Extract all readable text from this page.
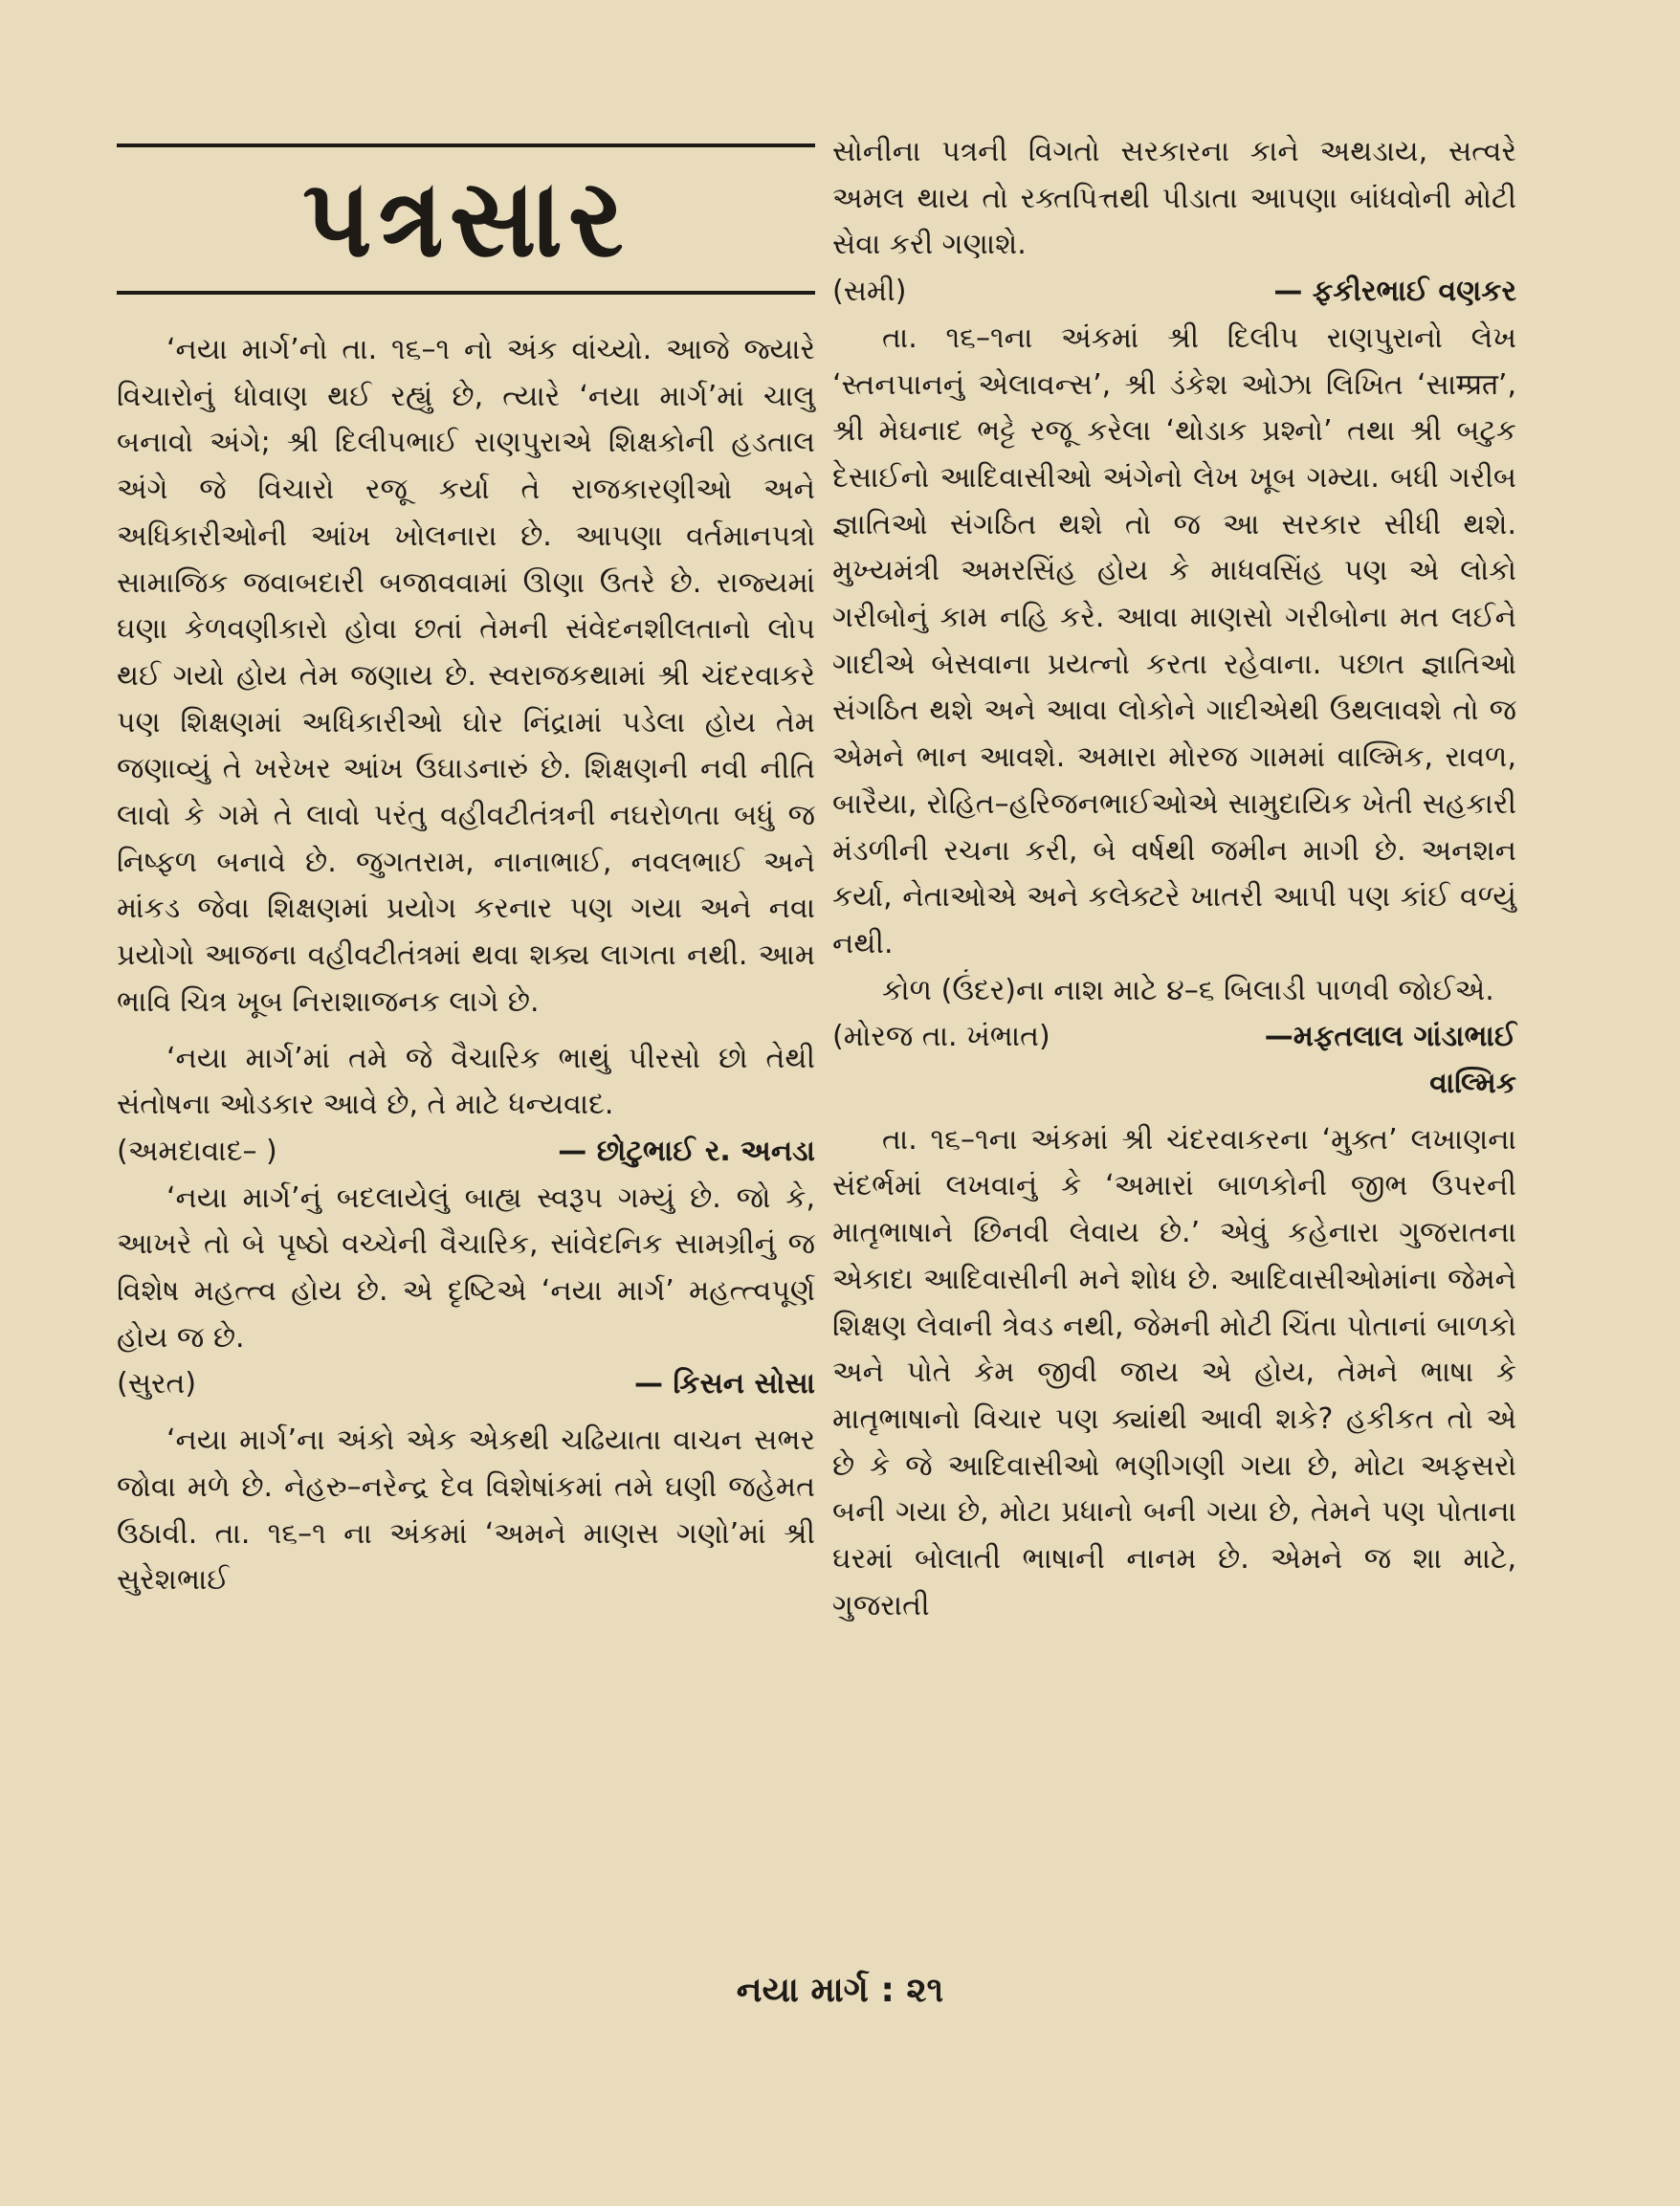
પત્રસાર

‘નયા માર્ગ’નો તા. ૧૬–૧ નો અંક વાંચ્યો. આજે જ્યારે વિચારોનું ધોવાણ થઈ રહ્યું છે, ત્યારે ‘નયા માર્ગ’માં ચાલુ બનાવો અંગે; શ્રી દિલીપભાઈ રાણપુરાએ શિક્ષકોની હડતાલ અંગે જે વિચારો રજૂ કર્યા તે રાજકારણીઓ અને અધિકારીઓની આંખ ખોલનારા છે. આપણા વર્તમાનપત્રો સામાજિક જવાબદારી બજાવવામાં ઊણા ઉતરે છે. રાજ્યમાં ઘણા કેળવણીકારો હોવા છતાં તેમની સંવેદનશીલતાનો લોપ થઈ ગયો હોય તેમ જણાય છે. સ્વરાજકથામાં શ્રી ચંદરવાકરે પણ શિક્ષણમાં અધિકારીઓ ઘોર નિંદ્રામાં પડેલા હોય તેમ જણાવ્યું તે ખરેખર આંખ ઉઘાડનારું છે. શિક્ષણની નવી નીતિ લાવો કે ગમે તે લાવો પરંતુ વહીવટીતંત્રની નઘરોળતા બધું જ નિષ્ફળ બનાવે છે. જુગતરામ, નાનાભાઈ, નવલભાઈ અને માંકડ જેવા શિક્ષણમાં પ્રયોગ કરનાર પણ ગયા અને નવા પ્રયોગો આજના વહીવટીતંત્રમાં થવા શક્ય લાગતા નથી. આમ ભાવિ ચિત્ર ખૂબ નિરાશાજનક લાગે છે.

‘નયા માર્ગ’માં તમે જે વૈચારિક ભાથું પીરસો છો તેથી સંતોષના ઓડકાર આવે છે, તે માટે ધન્યવાદ.

(અમદાવાદ– )	— છોટુભાઈ ર. અનડા

‘નયા માર્ગ’નું બદલાયેલું બાહ્ય સ્વરૂપ ગમ્યું છે. જો કે, આખરે તો બે પૃષ્ઠો વચ્ચેની વૈચારિક, સાંવેદનિક સામગ્રીનું જ વિશેષ મહત્ત્વ હોય છે. એ દૃષ્ટિએ ‘નયા માર્ગ’ મહત્ત્વપૂર્ણ હોય જ છે.

(સુરત)	— કિસન સોસા

‘નયા માર્ગ’ના અંકો એક એકથી ચઢિયાતા વાચન સભર જોવા મળે છે. નેહરુ–નરેન્દ્ર દેવ વિશેષાંકમાં તમે ઘણી જહેમત ઉઠાવી. તા. ૧૬–૧ ના અંકમાં ‘અમને માણસ ગણો’માં શ્રી સુરેશભાઈ

સોનીના પત્રની વિગતો સરકારના કાને અથડાય, સત્વરે અમલ થાય તો રક્તપિત્તથી પીડાતા આપણા બાંધવોની મોટી સેવા કરી ગણાશે.

(સમી)	— ફકીરભાઈ વણકર

તા. ૧૬–૧ના અંકમાં શ્રી દિલીપ રાણપુરાનો લેખ ‘સ્તનપાનનું એલાવન્સ’, શ્રી ડંકેશ ઓઝા લિખિત ‘સાम्प्रत’, શ્રી મેઘનાદ ભટ્ટે રજૂ કરેલા ‘થોડાક પ્રશ્નો’ તથા શ્રી બટુક દેસાઈનો આદિવાસીઓ અંગેનો લેખ ખૂબ ગમ્યા. બધી ગરીબ જ્ઞાતિઓ સંગઠિત થશે તો જ આ સરકાર સીધી થશે. મુખ્યમંત્રી અમરસિંહ હોય કે માધવસિંહ પણ એ લોકો ગરીબોનું કામ નહિ કરે. આવા માણસો ગરીબોના મત લઈને ગાદીએ બેસવાના પ્રયત્નો કરતા રહેવાના. પછાત જ્ઞાતિઓ સંગઠિત થશે અને આવા લોકોને ગાદીએથી ઉથલાવશે તો જ એમને ભાન આવશે. અમારા મોરજ ગામમાં વાલ્મિક, રાવળ, બારૈયા, રોહિત–હરિજનભાઈઓએ સામુદાયિક ખેતી સહકારી મંડળીની રચના કરી, બે વર્ષથી જમીન માગી છે. અનશન કર્યા, નેતાઓએ અને કલેક્ટરે ખાતરી આપી પણ કાંઈ વળ્યું નથી.

કોળ (ઉંદર)ના નાશ માટે ૪–૬ બિલાડી પાળવી જોઈએ.

(મોરજ તા. ખંભાત)	—મફતલાલ ગાંડાભાઈ
વાલ્મિક

તા. ૧૬–૧ના અંકમાં શ્રી ચંદરવાકરના ‘મુક્ત’ લખાણના સંદર્ભમાં લખવાનું કે ‘અમારાં બાળકોની જીભ ઉપરની માતૃભાષાને છિનવી લેવાય છે.’ એવું કહેનારા ગુજરાતના એકાદા આદિવાસીની મને શોધ છે. આદિવાસીઓમાંના જેમને શિક્ષણ લેવાની ત્રેવડ નથી, જેમની મોટી ચિંતા પોતાનાં બાળકો અને પોતે કેમ જીવી જાય એ હોય, તેમને ભાષા કે માતૃભાષાનો વિચાર પણ ક્યાંથી આવી શકે? હકીકત તો એ છે કે જે આદિવાસીઓ ભણીગણી ગયા છે, મોટા અફસરો બની ગયા છે, મોટા પ્રધાનો બની ગયા છે, તેમને પણ પોતાના ઘરમાં બોલાતી ભાષાની નાનમ છે. એમને જ શા માટે, ગુજરાતી

નયા માર્ગ : ૨૧
